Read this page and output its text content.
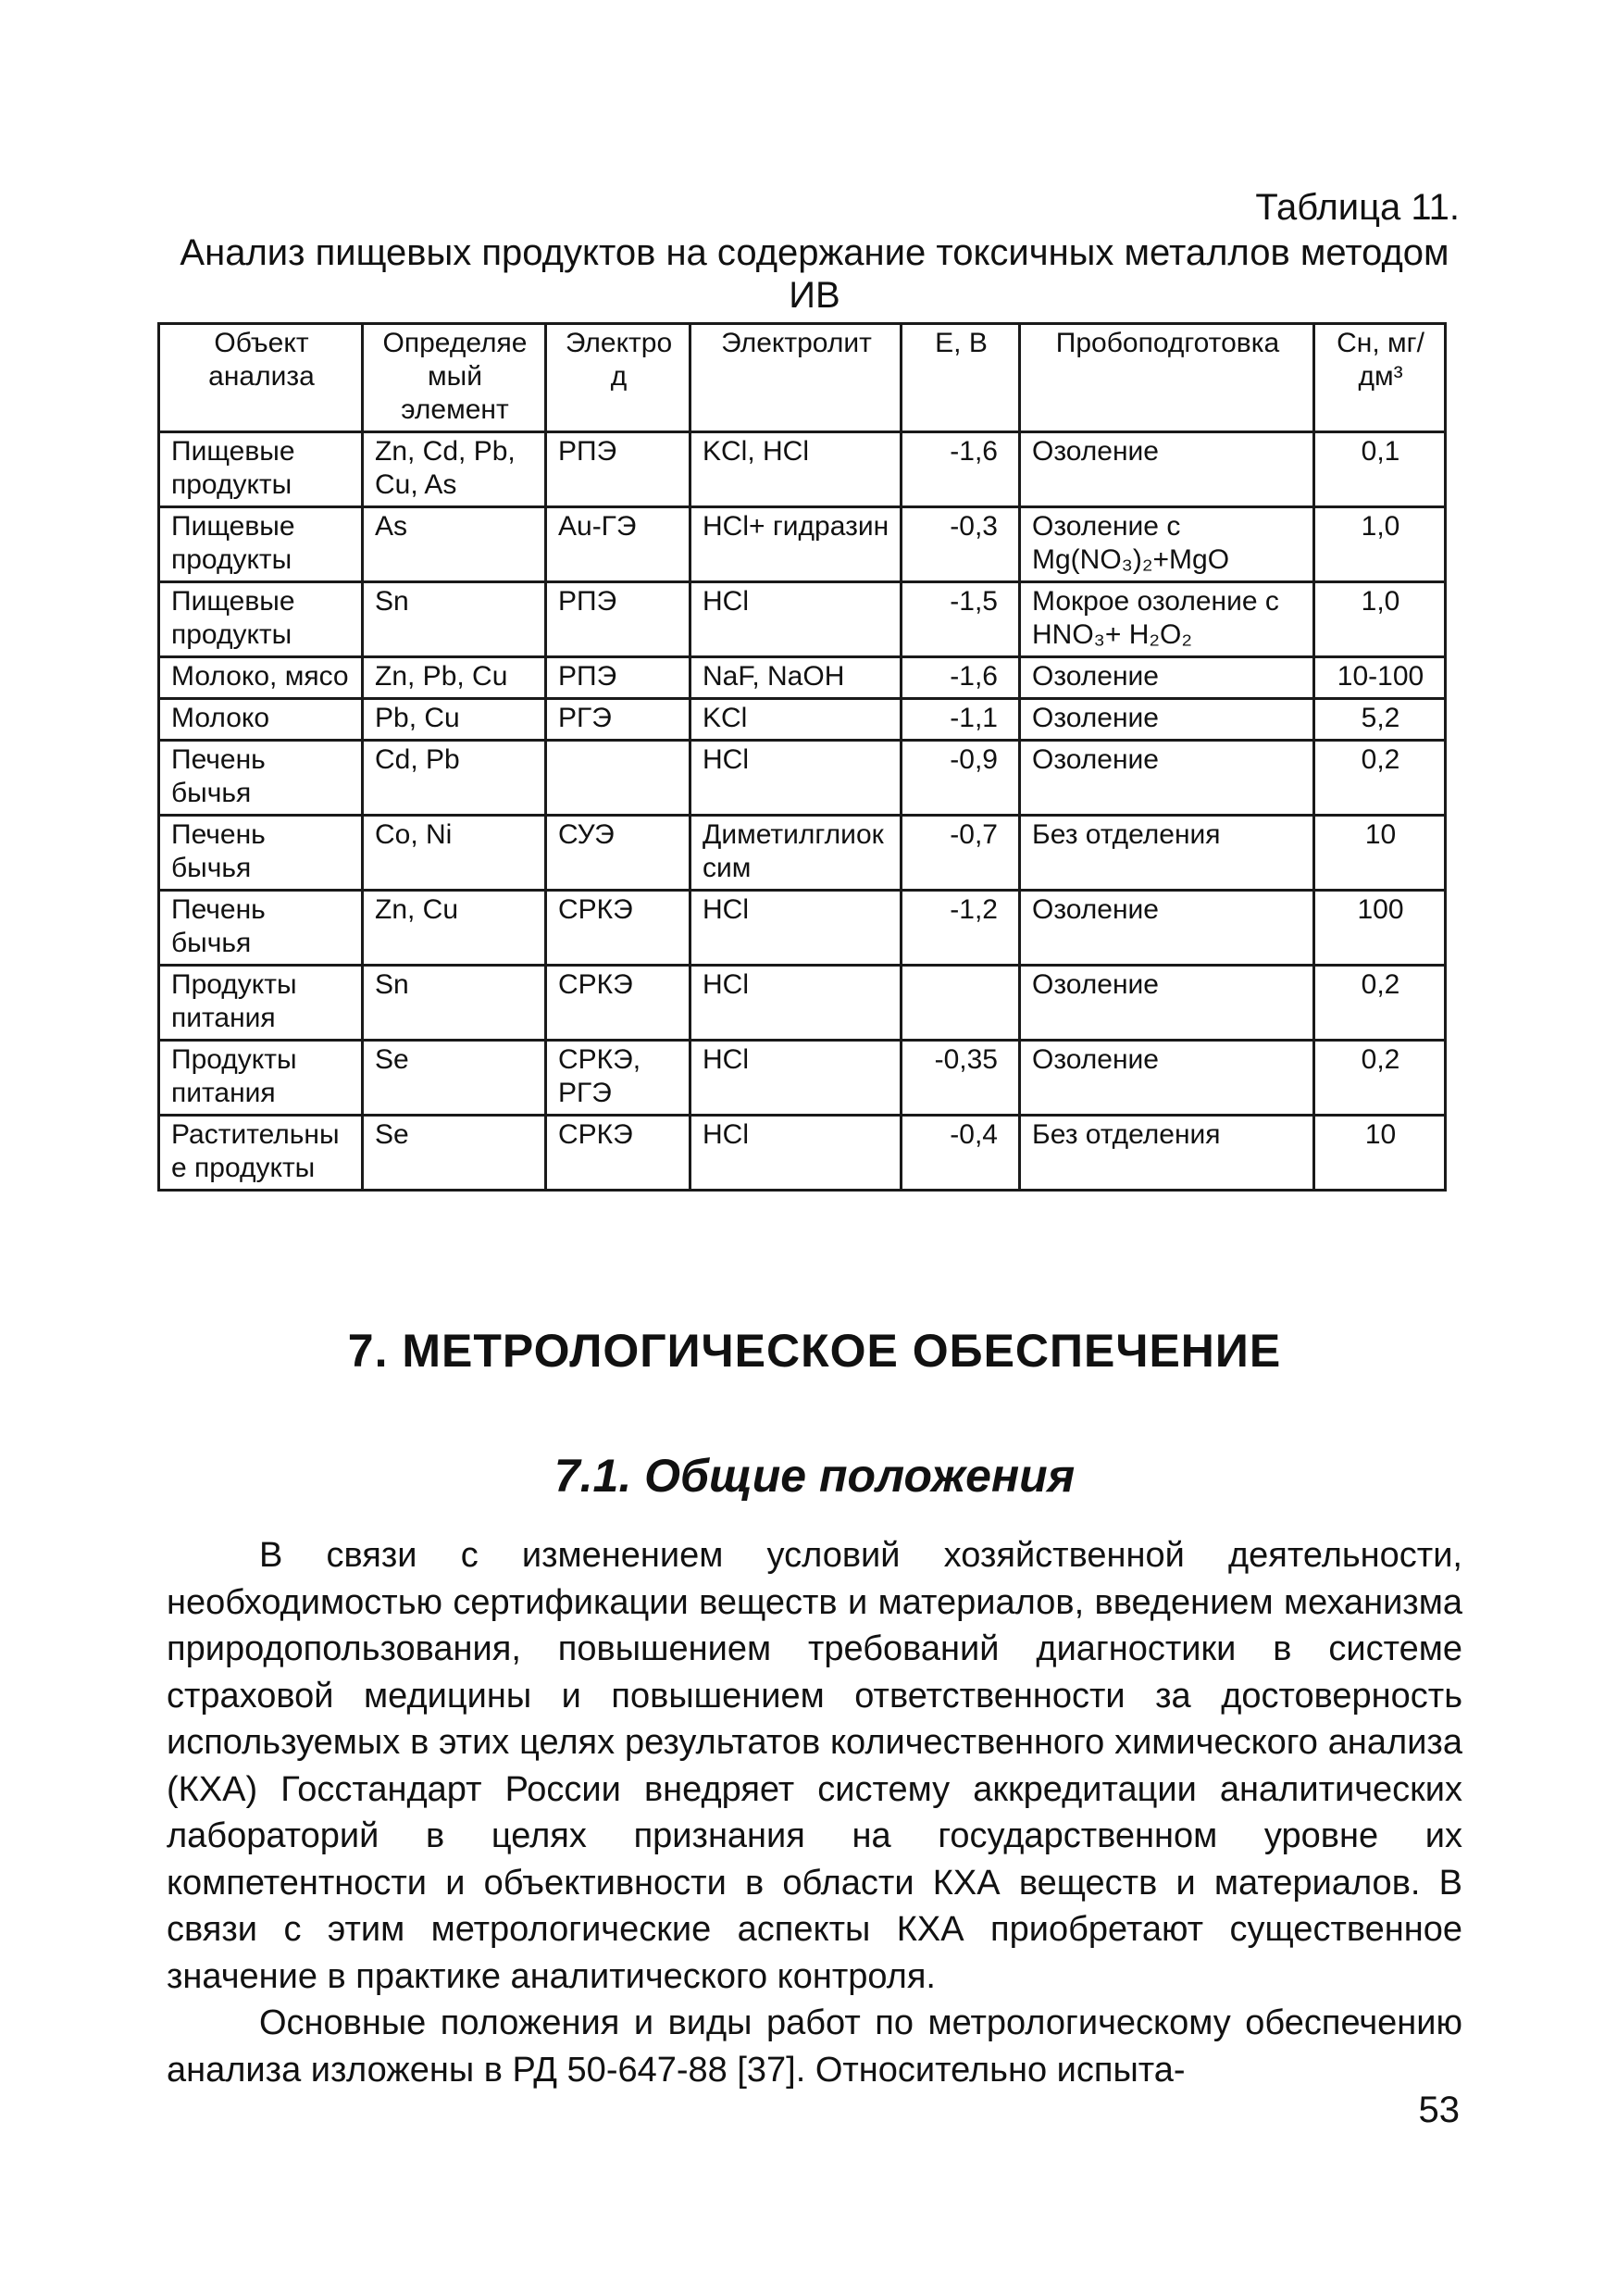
Таблица 11.
Анализ пищевых продуктов на содержание токсичных металлов методом ИВ
Объект анализа	Определяемый элемент	Электрод	Электролит	Е, В	Пробоподготовка	Сн, мг/дм³
Пищевые продукты	Zn, Cd, Pb, Cu, As	РПЭ	KCl, HCl	-1,6	Озоление	0,1
Пищевые продукты	As	Au-ГЭ	HCl+ гидразин	-0,3	Озоление с Mg(NO₃)₂+MgO	1,0
Пищевые продукты	Sn	РПЭ	HCl	-1,5	Мокрое озоление с HNO₃+ H₂O₂	1,0
Молоко, мясо	Zn, Pb, Cu	РПЭ	NaF, NaOH	-1,6	Озоление	10-100
Молоко	Pb, Cu	РГЭ	KCl	-1,1	Озоление	5,2
Печень бычья	Cd, Pb		HCl	-0,9	Озоление	0,2
Печень бычья	Co, Ni	СУЭ	Диметилглиоксим	-0,7	Без отделения	10
Печень бычья	Zn, Cu	СРКЭ	HCl	-1,2	Озоление	100
Продукты питания	Sn	СРКЭ	HCl		Озоление	0,2
Продукты питания	Se	СРКЭ, РГЭ	HCl	-0,35	Озоление	0,2
Растительные продукты	Se	СРКЭ	HCl	-0,4	Без отделения	10
7. МЕТРОЛОГИЧЕСКОЕ ОБЕСПЕЧЕНИЕ
7.1. Общие положения

В связи с изменением условий хозяйственной деятельности, необходимостью сертификации веществ и материалов, введением механизма природопользования, повышением требований диагностики в системе страховой медицины и повышением ответственности за достоверность используемых в этих целях результатов количественного химического анализа (КХА) Госстандарт России внедряет систему аккредитации аналитических лабораторий в целях признания на государственном уровне их компетентности и объективности в области КХА веществ и материалов. В связи с этим метрологические аспекты КХА приобретают существенное значение в практике аналитического контроля.

Основные положения и виды работ по метрологическому обеспечению анализа изложены в РД 50-647-88 [37]. Относительно испыта-

53
